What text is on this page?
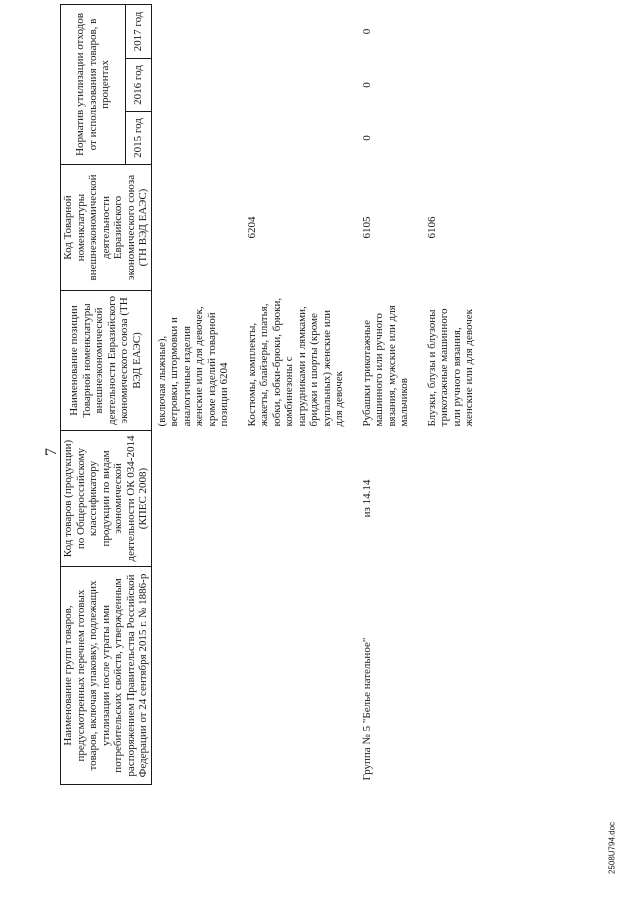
7
2508U794.doc
Наименование групп товаров, предусмотренных перечнем готовых товаров, включая упаковку, подлежащих утилизации после утраты ими потребительских свойств, утвержденным распоряжением Правительства Российской Федерации от 24 сентября 2015 г. № 1886-р	Код товаров (продукции) по Общероссийскому классификатору продукции по видам экономической деятельности ОК 034-2014 (КПЕС 2008)	Наименование позиции Товарной номенклатуры внешнеэкономической деятельности Евразийского экономического союза (ТН ВЭД ЕАЭС)	Код Товарной номенклатуры внешнеэкономической деятельности Евразийского экономического союза (ТН ВЭД ЕАЭС)	Норматив утилизации отходов от использования товаров, в процентах		
				2015 год	2016 год	2017 год
		(включая лыжные), ветровки, штормовки и аналогичные изделия женские или для девочек, кроме изделий товарной позиции 6204				
		Костюмы, комплекты, жакеты, блайзеры, платья, юбки, юбки-брюки, брюки, комбинезоны с нагрудниками и лямками, бриджи и шорты (кроме купальных) женские или для девочек	6204			
Группа № 5 "Белье нательное"	из 14.14	Рубашки трикотажные машинного или ручного вязания, мужские или для мальчиков	6105	0	0	0
		Блузки, блузы и блузоны трикотажные машинного или ручного вязания, женские или для девочек	6106			
